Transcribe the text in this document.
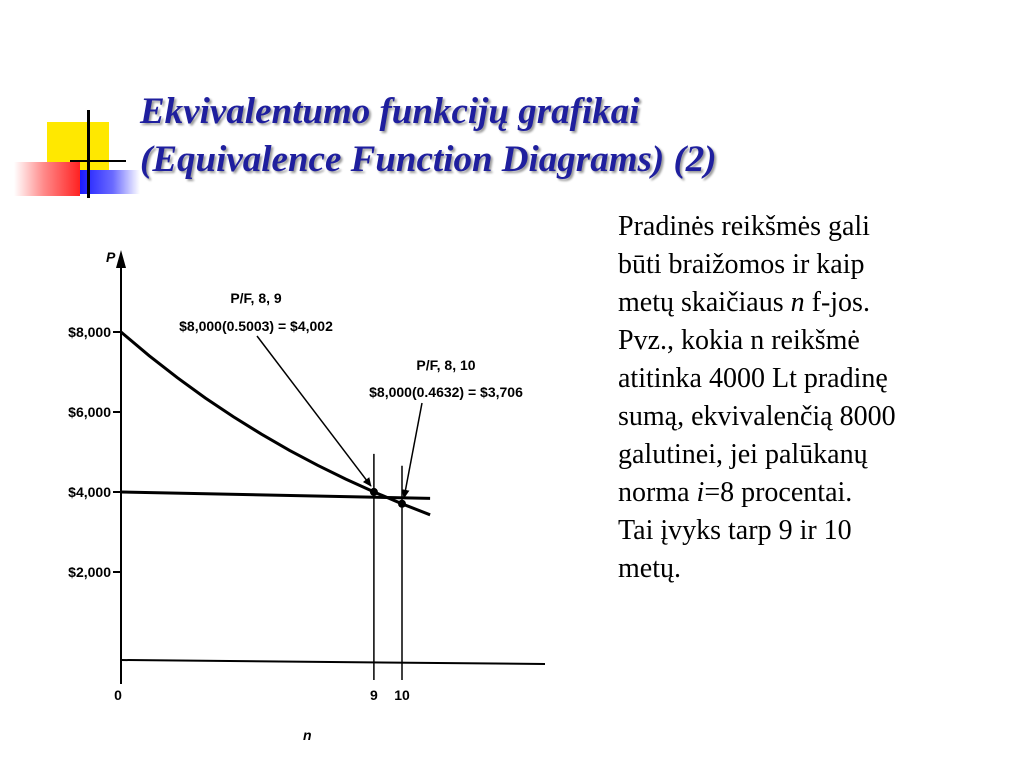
Ekvivalentumo funkcijų grafikai
(Equivalence Function Diagrams) (2)
P
n
$8,000
$6,000
$4,000
$2,000
0	9 10
P/F, 8, 9
$8,000(0.5003) = $4,002
P/F, 8, 10
$8,000(0.4632) = $3,706
Pradinės reikšmės gali
būti braižomos ir kaip
metų skaičiaus n f-jos.
Pvz., kokia n reikšmė
atitinka 4000 Lt pradinę
sumą, ekvivalenčią 8000
galutinei, jei palūkanų
norma i=8 procentai.
Tai įvyks tarp 9 ir 10
metų.
